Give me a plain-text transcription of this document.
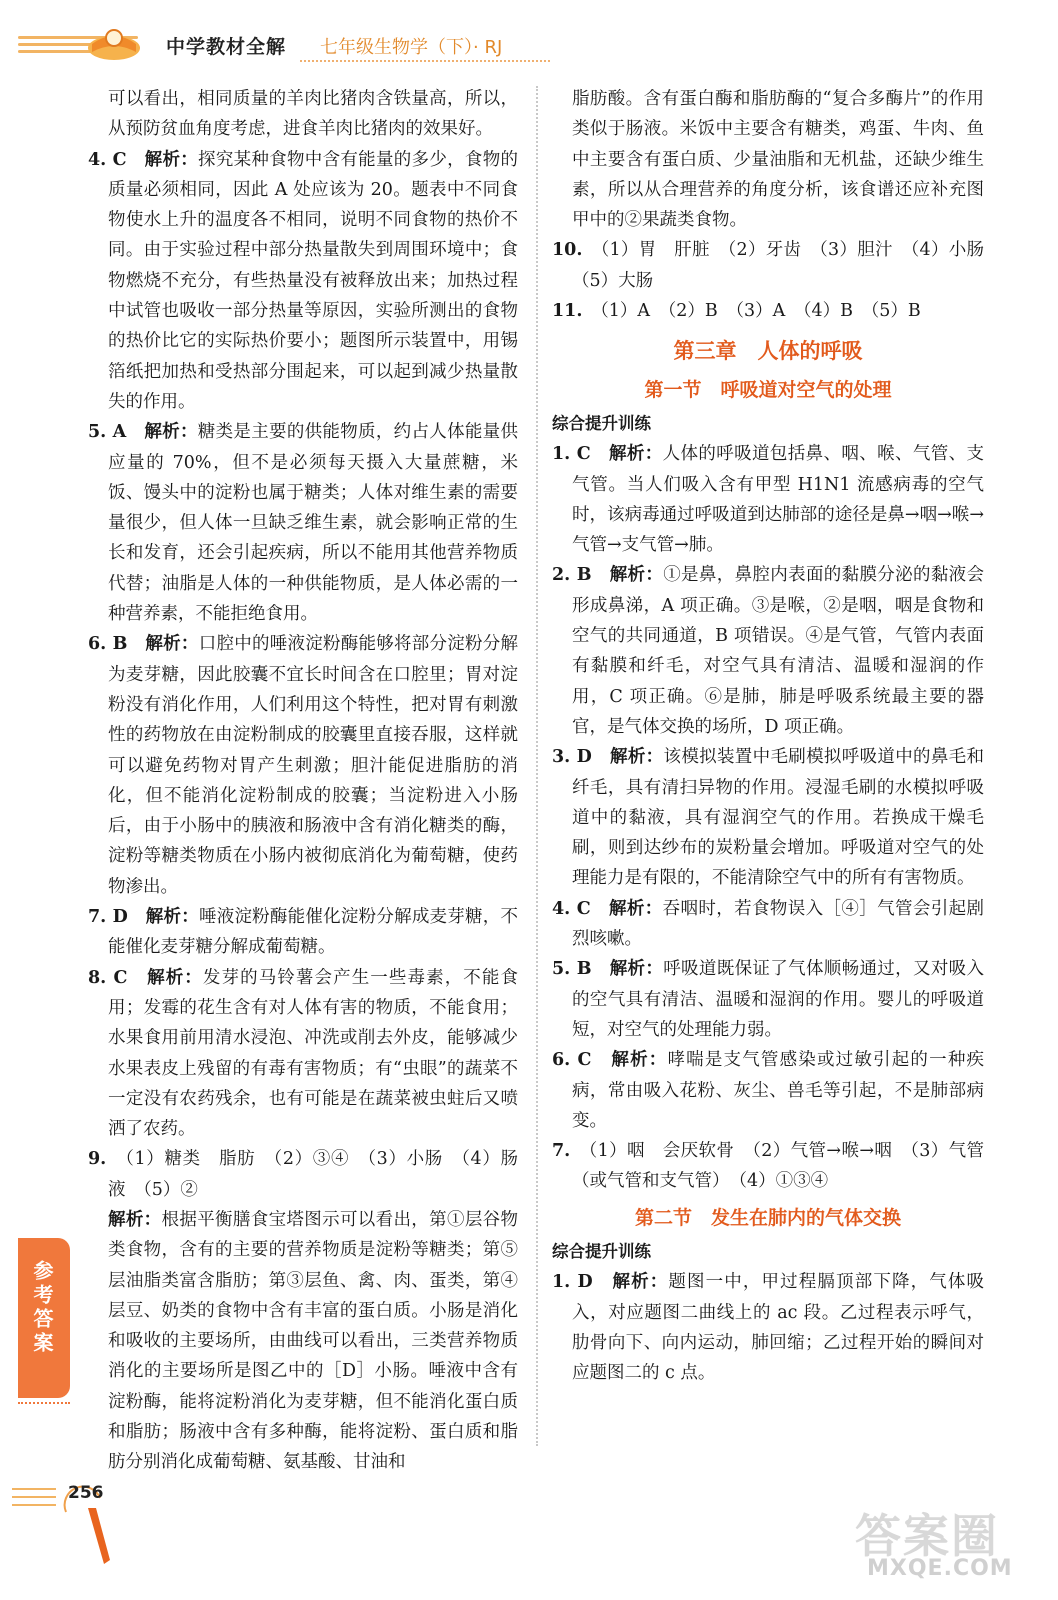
中学教材全解 七年级生物学（下）· RJ

可以看出，相同质量的羊肉比猪肉含铁量高，所以，从预防贫血角度考虑，进食羊肉比猪肉的效果好。

4. C　解析：探究某种食物中含有能量的多少，食物的质量必须相同，因此 A 处应该为 20。题表中不同食物使水上升的温度各不相同，说明不同食物的热价不同。由于实验过程中部分热量散失到周围环境中；食物燃烧不充分，有些热量没有被释放出来；加热过程中试管也吸收一部分热量等原因，实验所测出的食物的热价比它的实际热价要小；题图所示装置中，用锡箔纸把加热和受热部分围起来，可以起到减少热量散失的作用。

5. A　解析：糖类是主要的供能物质，约占人体能量供应量的 70%，但不是必须每天摄入大量蔗糖，米饭、馒头中的淀粉也属于糖类；人体对维生素的需要量很少，但人体一旦缺乏维生素，就会影响正常的生长和发育，还会引起疾病，所以不能用其他营养物质代替；油脂是人体的一种供能物质，是人体必需的一种营养素，不能拒绝食用。

6. B　解析：口腔中的唾液淀粉酶能够将部分淀粉分解为麦芽糖，因此胶囊不宜长时间含在口腔里；胃对淀粉没有消化作用，人们利用这个特性，把对胃有刺激性的药物放在由淀粉制成的胶囊里直接吞服，这样就可以避免药物对胃产生刺激；胆汁能促进脂肪的消化，但不能消化淀粉制成的胶囊；当淀粉进入小肠后，由于小肠中的胰液和肠液中含有消化糖类的酶，淀粉等糖类物质在小肠内被彻底消化为葡萄糖，使药物渗出。

7. D　解析：唾液淀粉酶能催化淀粉分解成麦芽糖，不能催化麦芽糖分解成葡萄糖。

8. C　解析：发芽的马铃薯会产生一些毒素，不能食用；发霉的花生含有对人体有害的物质，不能食用；水果食用前用清水浸泡、冲洗或削去外皮，能够减少水果表皮上残留的有毒有害物质；有“虫眼”的蔬菜不一定没有农药残余，也有可能是在蔬菜被虫蛀后又喷洒了农药。

9.　（1）糖类　脂肪　（2）③④　（3）小肠　（4）肠液　（5）②

解析：根据平衡膳食宝塔图示可以看出，第①层谷物类食物，含有的主要的营养物质是淀粉等糖类；第⑤层油脂类富含脂肪；第③层鱼、禽、肉、蛋类，第④层豆、奶类的食物中含有丰富的蛋白质。小肠是消化和吸收的主要场所，由曲线可以看出，三类营养物质消化的主要场所是图乙中的［D］小肠。唾液中含有淀粉酶，能将淀粉消化为麦芽糖，但不能消化蛋白质和脂肪；肠液中含有多种酶，能将淀粉、蛋白质和脂肪分别消化成葡萄糖、氨基酸、甘油和

脂肪酸。含有蛋白酶和脂肪酶的“复合多酶片”的作用类似于肠液。米饭中主要含有糖类，鸡蛋、牛肉、鱼中主要含有蛋白质、少量油脂和无机盐，还缺少维生素，所以从合理营养的角度分析，该食谱还应补充图甲中的②果蔬类食物。

10.　（1）胃　肝脏　（2）牙齿　（3）胆汁　（4）小肠　（5）大肠

11.　（1）A　（2）B　（3）A　（4）B　（5）B

第三章　人体的呼吸
第一节　呼吸道对空气的处理
综合提升训练

1. C　解析：人体的呼吸道包括鼻、咽、喉、气管、支气管。当人们吸入含有甲型 H1N1 流感病毒的空气时，该病毒通过呼吸道到达肺部的途径是鼻→咽→喉→气管→支气管→肺。

2. B　解析：①是鼻，鼻腔内表面的黏膜分泌的黏液会形成鼻涕，A 项正确。③是喉，②是咽，咽是食物和空气的共同通道，B 项错误。④是气管，气管内表面有黏膜和纤毛，对空气具有清洁、温暖和湿润的作用，C 项正确。⑥是肺，肺是呼吸系统最主要的器官，是气体交换的场所，D 项正确。

3. D　解析：该模拟装置中毛刷模拟呼吸道中的鼻毛和纤毛，具有清扫异物的作用。浸湿毛刷的水模拟呼吸道中的黏液，具有湿润空气的作用。若换成干燥毛刷，则到达纱布的炭粉量会增加。呼吸道对空气的处理能力是有限的，不能清除空气中的所有有害物质。

4. C　解析：吞咽时，若食物误入［④］气管会引起剧烈咳嗽。

5. B　解析：呼吸道既保证了气体顺畅通过，又对吸入的空气具有清洁、温暖和湿润的作用。婴儿的呼吸道短，对空气的处理能力弱。

6. C　解析：哮喘是支气管感染或过敏引起的一种疾病，常由吸入花粉、灰尘、兽毛等引起，不是肺部病变。

7.　（1）咽　会厌软骨　（2）气管→喉→咽　（3）气管（或气管和支气管）　（4）①③④

第二节　发生在肺内的气体交换
综合提升训练

1. D　解析：题图一中，甲过程膈顶部下降，气体吸入，对应题图二曲线上的 ac 段。乙过程表示呼气，肋骨向下、向内运动，肺回缩；乙过程开始的瞬间对应题图二的 c 点。

参考答案
256
答案圈
MXQE.COM
